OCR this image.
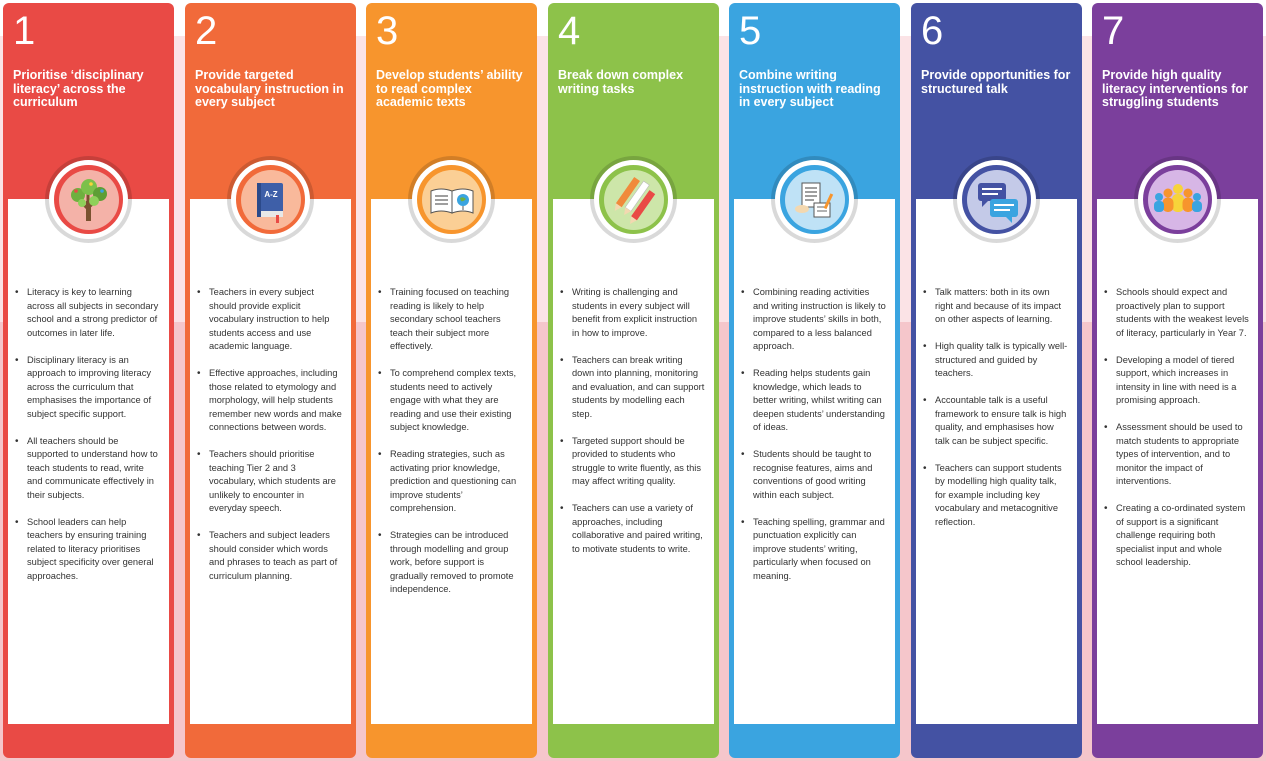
1
Prioritise ‘disciplinary literacy’ across the curriculum
• Literacy is key to learning across all subjects in secondary school and a strong predictor of outcomes in later life.
• Disciplinary literacy is an approach to improving literacy across the curriculum that emphasises the importance of subject specific support.
• All teachers should be supported to understand how to teach students to read, write and communicate effectively in their subjects.
• School leaders can help teachers by ensuring training related to literacy prioritises subject specificity over general approaches.
2
Provide targeted vocabulary instruction in every subject
A-Z
• Teachers in every subject should provide explicit vocabulary instruction to help students access and use academic language.
• Effective approaches, including those related to etymology and morphology, will help students remember new words and make connections between words.
• Teachers should prioritise teaching Tier 2 and 3 vocabulary, which students are unlikely to encounter in everyday speech.
• Teachers and subject leaders should consider which words and phrases to teach as part of curriculum planning.
3
Develop students’ ability to read complex academic texts
• Training focused on teaching reading is likely to help secondary school teachers teach their subject more effectively.
• To comprehend complex texts, students need to actively engage with what they are reading and use their existing subject knowledge.
• Reading strategies, such as activating prior knowledge, prediction and questioning can improve students’ comprehension.
• Strategies can be introduced through modelling and group work, before support is gradually removed to promote independence.
4
Break down complex writing tasks
• Writing is challenging and students in every subject will benefit from explicit instruction in how to improve.
• Teachers can break writing down into planning, monitoring and evaluation, and can support students by modelling each step.
• Targeted support should be provided to students who struggle to write fluently, as this may affect writing quality.
• Teachers can use a variety of approaches, including collaborative and paired writing, to motivate students to write.
5
Combine writing instruction with reading in every subject
• Combining reading activities and writing instruction is likely to improve students’ skills in both, compared to a less balanced approach.
• Reading helps students gain knowledge, which leads to better writing, whilst writing can deepen students’ understanding of ideas.
• Students should be taught to recognise features, aims and conventions of good writing within each subject.
• Teaching spelling, grammar and punctuation explicitly can improve students’ writing, particularly when focused on meaning.
6
Provide opportunities for structured talk
• Talk matters: both in its own right and because of its impact on other aspects of learning.
• High quality talk is typically well-structured and guided by teachers.
• Accountable talk is a useful framework to ensure talk is high quality, and emphasises how talk can be subject specific.
• Teachers can support students by modelling high quality talk, for example including key vocabulary and metacognitive reflection.
7
Provide high quality literacy interventions for struggling students
• Schools should expect and proactively plan to support students with the weakest levels of literacy, particularly in Year 7.
• Developing a model of tiered support, which increases in intensity in line with need is a promising approach.
• Assessment should be used to match students to appropriate types of intervention, and to monitor the impact of interventions.
• Creating a co-ordinated system of support is a significant challenge requiring both specialist input and whole school leadership.
